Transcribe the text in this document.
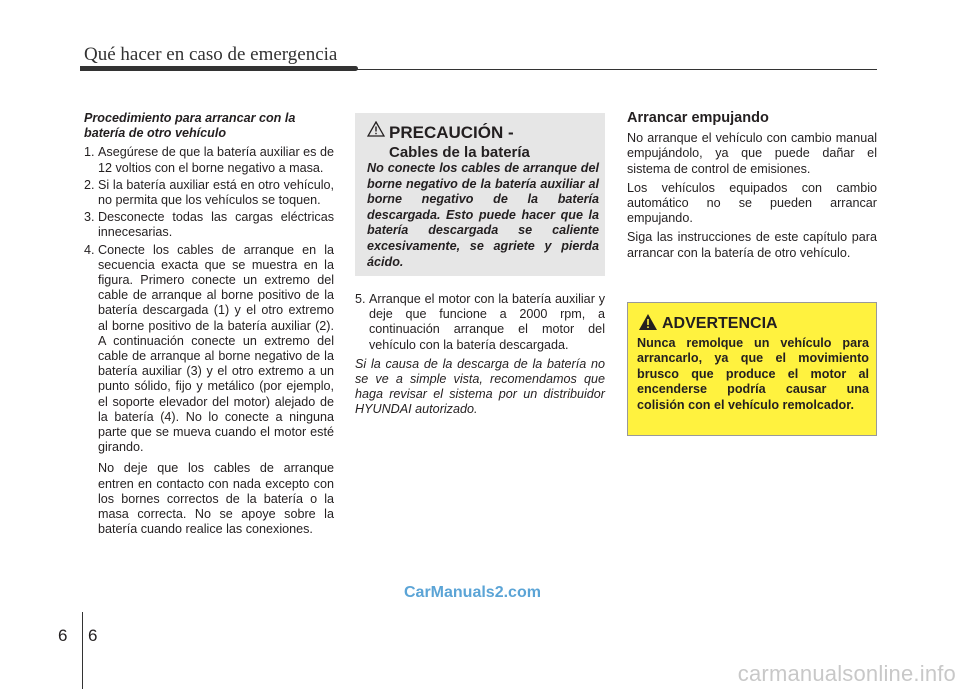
Qué hacer en caso de emergencia
Procedimiento para arrancar con la batería de otro vehículo
1. Asegúrese de que la batería auxiliar es de 12 voltios con el borne negativo a masa.
2. Si la batería auxiliar está en otro vehículo, no permita que los vehículos se toquen.
3. Desconecte todas las cargas eléctricas innecesarias.
4. Conecte los cables de arranque en la secuencia exacta que se muestra en la figura. Primero conecte un extremo del cable de arranque al borne positivo de la batería descargada (1) y el otro extremo al borne positivo de la batería auxiliar (2). A continuación conecte un extremo del cable de arranque al borne negativo de la batería auxiliar (3) y el otro extremo a un punto sólido, fijo y metálico (por ejemplo, el soporte elevador del motor) alejado de la batería (4). No lo conecte a ninguna parte que se mueva cuando el motor esté girando.
No deje que los cables de arranque entren en contacto con nada excepto con los bornes correctos de la batería o la masa correcta. No se apoye sobre la batería cuando realice las conexiones.
PRECAUCIÓN -
Cables de la batería
No conecte los cables de arranque del borne negativo de la batería auxiliar al borne negativo de la batería descargada. Esto puede hacer que la batería descargada se caliente excesivamente, se agriete y pierda ácido.
5. Arranque el motor con la batería auxiliar y deje que funcione a 2000 rpm, a continuación arranque el motor del vehículo con la batería descargada.
Si la causa de la descarga de la batería no se ve a simple vista, recomendamos que haga revisar el sistema por un distribuidor HYUNDAI autorizado.
Arrancar empujando

No arranque el vehículo con cambio manual empujándolo, ya que puede dañar el sistema de control de emisiones.

Los vehículos equipados con cambio automático no se pueden arrancar empujando.

Siga las instrucciones de este capítulo para arrancar con la batería de otro vehículo.

ADVERTENCIA
Nunca remolque un vehículo para arrancarlo, ya que el movimiento brusco que produce el motor al encenderse podría causar una colisión con el vehículo remolcador.
CarManuals2.com
6 6
carmanualsonline.info
